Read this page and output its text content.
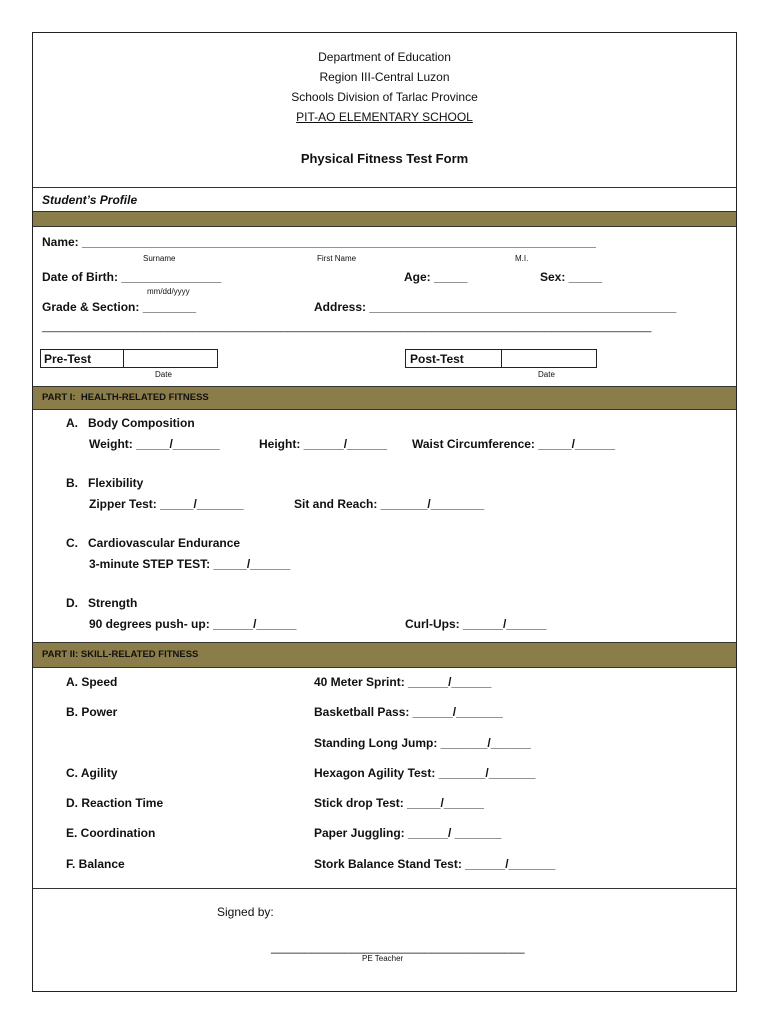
Department of Education
Region III-Central Luzon
Schools Division of Tarlac Province
PIT-AO ELEMENTARY SCHOOL
Physical Fitness Test Form
Student’s Profile
Name: _____________________________________________________________________________
Surname	First Name	M.I.
Date of Birth: _______________
mm/dd/yyyy
Age: _____	Sex: _____
Grade & Section: ________	Address: ______________________________________________
_________________________________________________________________________________________________
Pre-Test
Date
Post-Test
Date
PART I:  HEALTH-RELATED FITNESS
A.   Body Composition
Weight: _____/_______	Height: ______/______ Waist Circumference: _____/______
B.   Flexibility
Zipper Test: _____/_______	Sit and Reach: _______/________
C.   Cardiovascular Endurance
3-minute STEP TEST: _____/______
D.   Strength
90 degrees push- up: ______/______	Curl-Ups: ______/______
PART II: SKILL-RELATED FITNESS
A. Speed	40 Meter Sprint: ______/______
B. Power	Basketball Pass: ______/_______
Standing Long Jump: _______/______
C. Agility	Hexagon Agility Test: _______/_______
D. Reaction Time	Stick drop Test: _____/______
E. Coordination	Paper Juggling: ______/ _______
F. Balance	Stork Balance Stand Test: ______/_______
Signed by:
______________________________________
PE Teacher
